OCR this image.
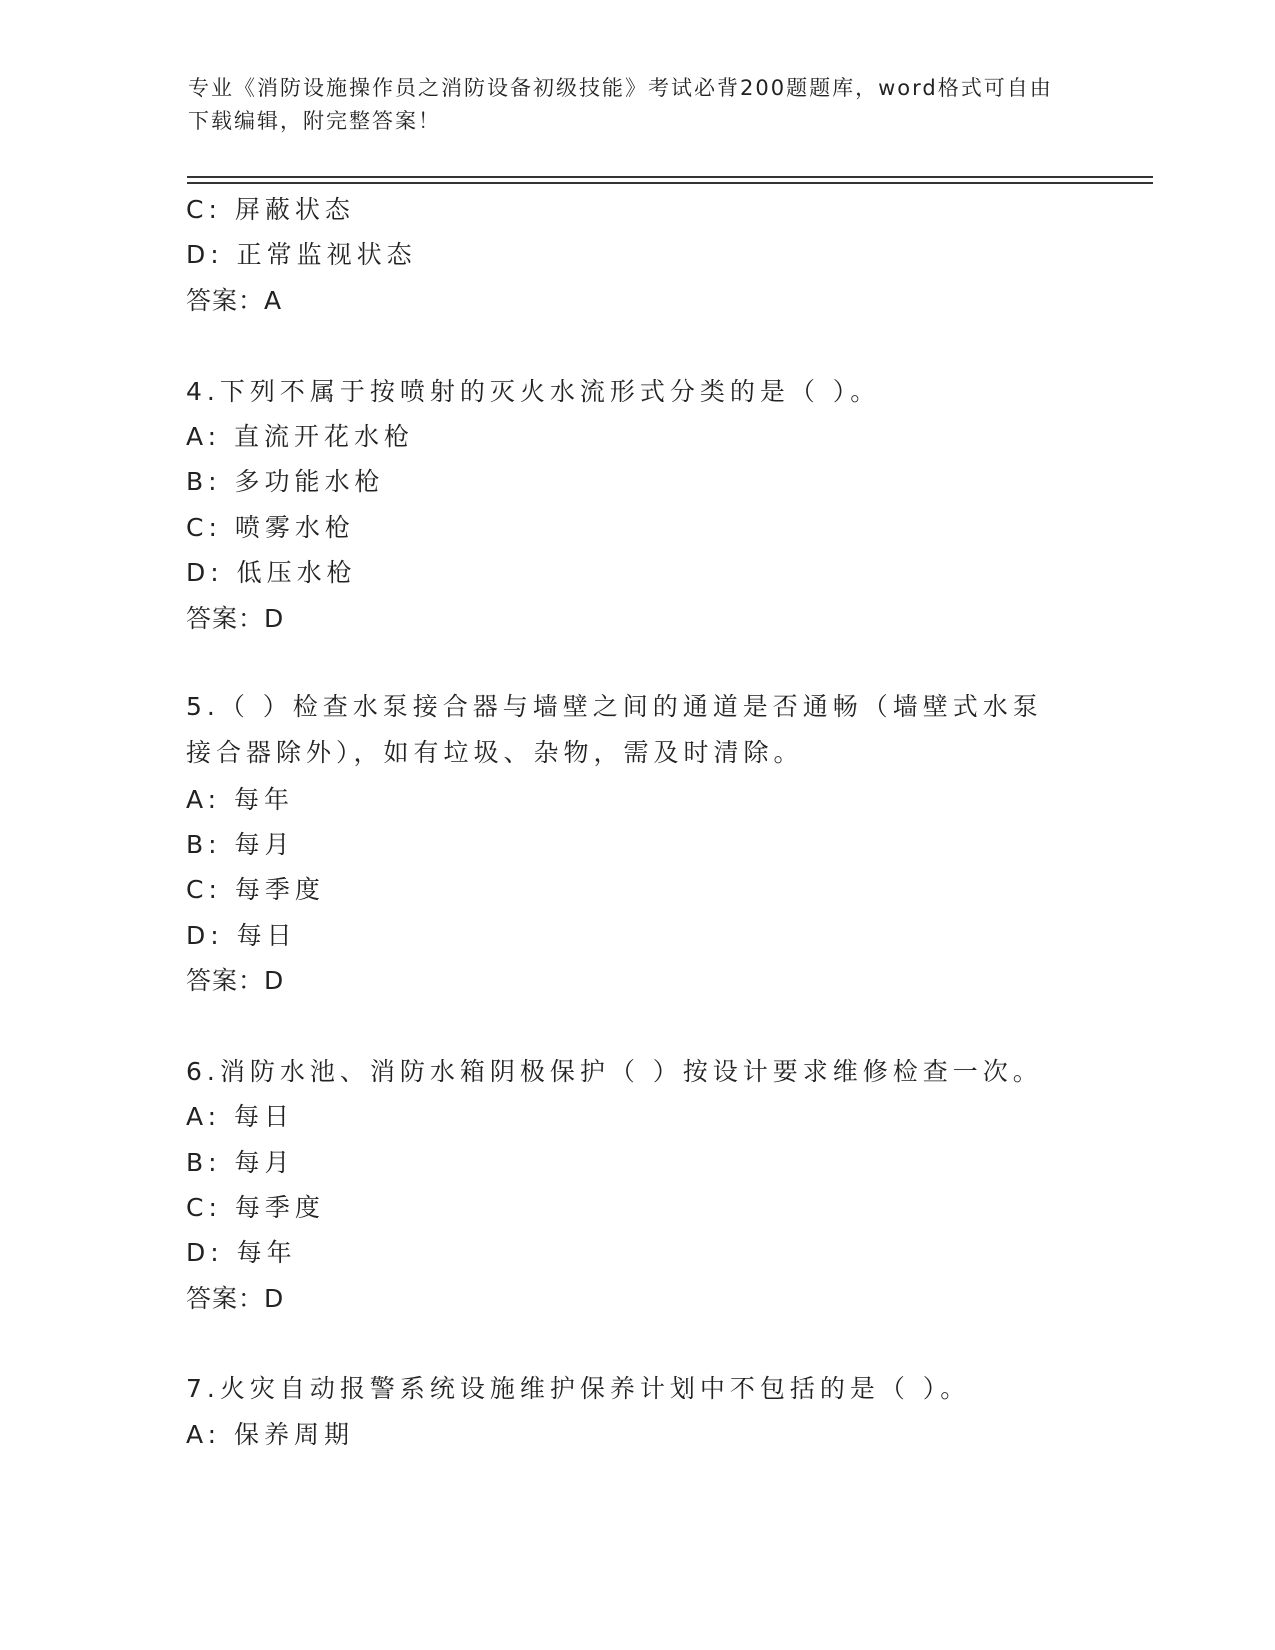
专业《消防设施操作员之消防设备初级技能》考试必背200题题库，word格式可自由下载编辑，附完整答案！
C: 屏蔽状态
D: 正常监视状态
答案：A
4.下列不属于按喷射的灭火水流形式分类的是（ ）。
A: 直流开花水枪
B: 多功能水枪
C: 喷雾水枪
D: 低压水枪
答案：D
5.（ ）检查水泵接合器与墙壁之间的通道是否通畅（墙壁式水泵接合器除外），如有垃圾、杂物，需及时清除。
A: 每年
B: 每月
C: 每季度
D: 每日
答案：D
6.消防水池、消防水箱阴极保护（ ）按设计要求维修检查一次。
A: 每日
B: 每月
C: 每季度
D: 每年
答案：D
7.火灾自动报警系统设施维护保养计划中不包括的是（ ）。
A: 保养周期
